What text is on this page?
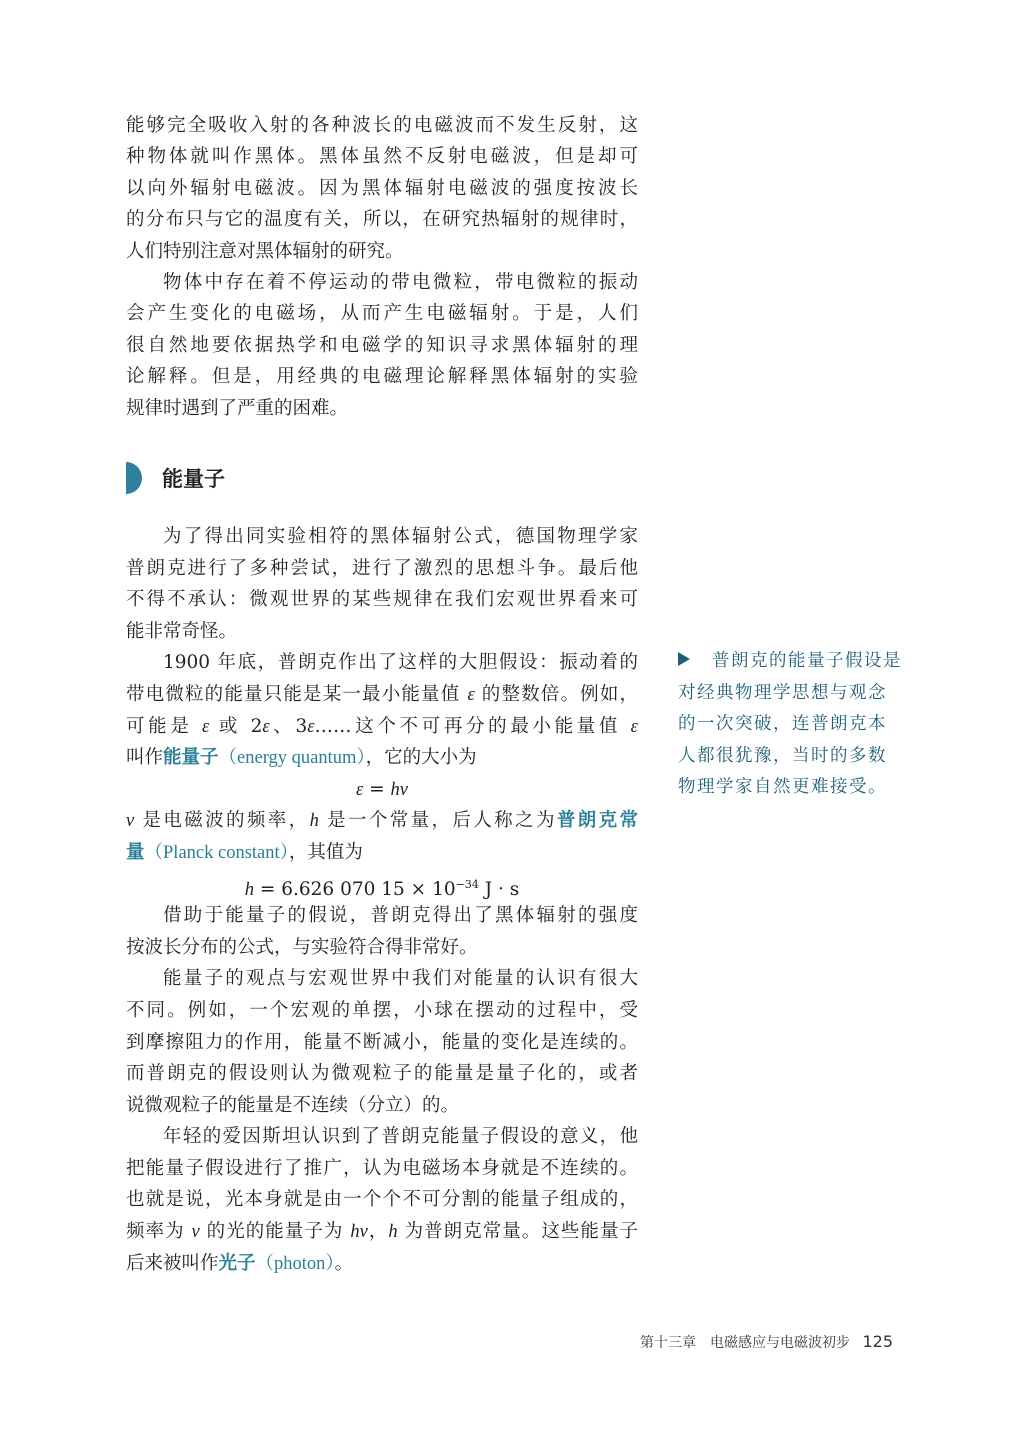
能够完全吸收入射的各种波长的电磁波而不发生反射，这
种物体就叫作黑体。黑体虽然不反射电磁波，但是却可
以向外辐射电磁波。因为黑体辐射电磁波的强度按波长
的分布只与它的温度有关，所以，在研究热辐射的规律时，
人们特别注意对黑体辐射的研究。
物体中存在着不停运动的带电微粒，带电微粒的振动
会产生变化的电磁场，从而产生电磁辐射。于是，人们
很自然地要依据热学和电磁学的知识寻求黑体辐射的理
论解释。但是，用经典的电磁理论解释黑体辐射的实验
规律时遇到了严重的困难。
能量子
为了得出同实验相符的黑体辐射公式，德国物理学家
普朗克进行了多种尝试，进行了激烈的思想斗争。最后他
不得不承认：微观世界的某些规律在我们宏观世界看来可
能非常奇怪。
1900 年底，普朗克作出了这样的大胆假设：振动着的
带电微粒的能量只能是某一最小能量值 ε 的整数倍。例如，
可能是 ε 或 2ε、3ε……这个不可再分的最小能量值 ε
叫作能量子（energy quantum），它的大小为
ε = hν
ν 是电磁波的频率，h 是一个常量，后人称之为普朗克常
量（Planck constant），其值为
h = 6.626 070 $15 \times 10^{-34}$ J · s
借助于能量子的假说，普朗克得出了黑体辐射的强度
按波长分布的公式，与实验符合得非常好。
能量子的观点与宏观世界中我们对能量的认识有很大
不同。例如，一个宏观的单摆，小球在摆动的过程中，受
到摩擦阻力的作用，能量不断减小，能量的变化是连续的。
而普朗克的假设则认为微观粒子的能量是量子化的，或者
说微观粒子的能量是不连续（分立）的。
年轻的爱因斯坦认识到了普朗克能量子假设的意义，他
把能量子假设进行了推广，认为电磁场本身就是不连续的。
也就是说，光本身就是由一个个不可分割的能量子组成的，
频率为 ν 的光的能量子为 hν，h 为普朗克常量。这些能量子
后来被叫作光子（photon）。
普朗克的能量子假设是
对经典物理学思想与观念
的一次突破，连普朗克本
人都很犹豫，当时的多数
物理学家自然更难接受。
第十三章　电磁感应与电磁波初步 125
